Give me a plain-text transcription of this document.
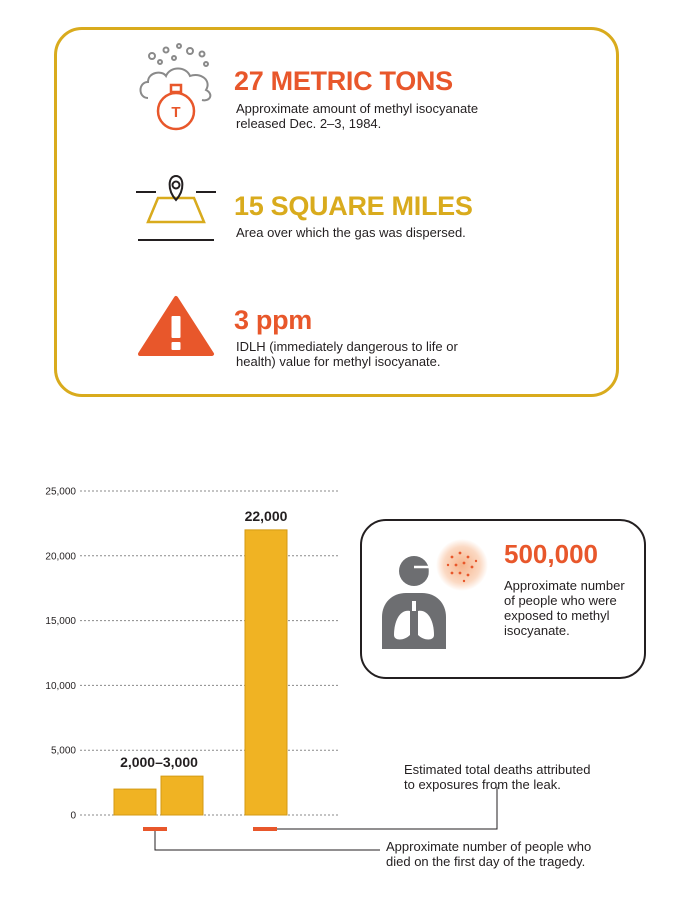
T
27 METRIC TONS
Approximate amount of methyl isocyanate
released Dec. 2–3, 1984.
15 SQUARE MILES
Area over which the gas was dispersed.
3 ppm
IDLH (immediately dangerous to life or
health) value for methyl isocyanate.
500,000
Approximate number of people who were exposed to methyl isocyanate.
0
5,000
10,000
15,000
20,000
25,000
2,000–3,000
22,000
Estimated total deaths attributed
to exposures from the leak.
Approximate number of people who
died on the first day of the tragedy.
